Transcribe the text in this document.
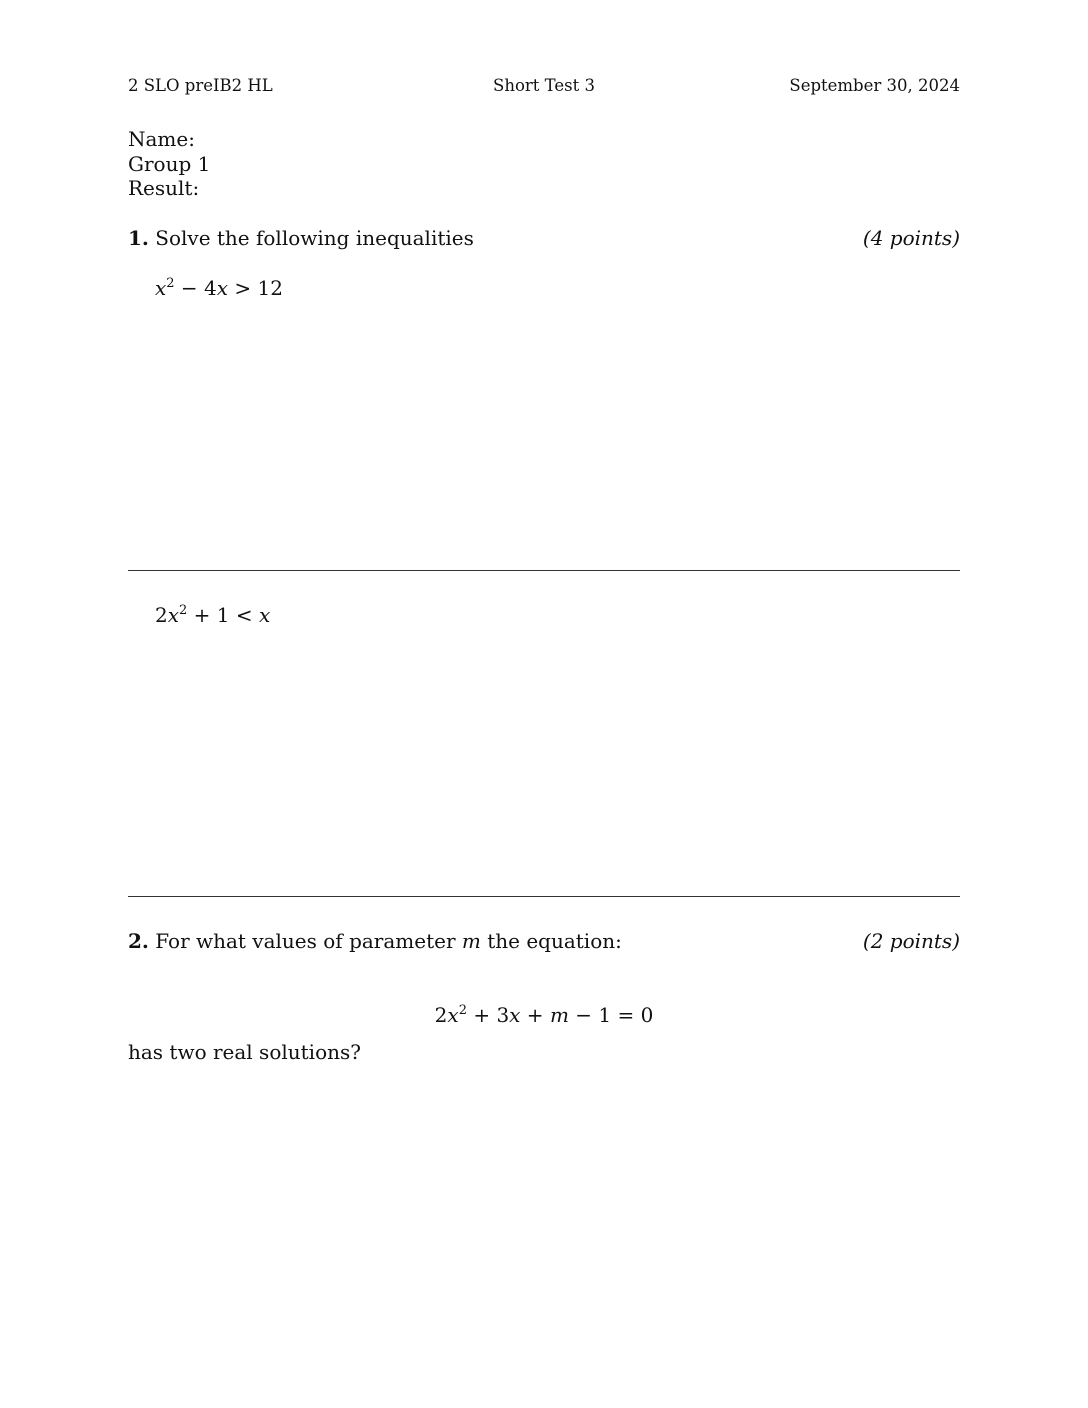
2 SLO preIB2 HL	Short Test 3	September 30, 2024
Name:
Group 1
Result:
1. Solve the following inequalities	(4 points)
$x^2 - 4x > 12$
$2x^2 + 1 < x$
2. For what values of parameter m the equation:	(2 points)
$2x^2 + 3x + m - 1 = 0$
has two real solutions?
